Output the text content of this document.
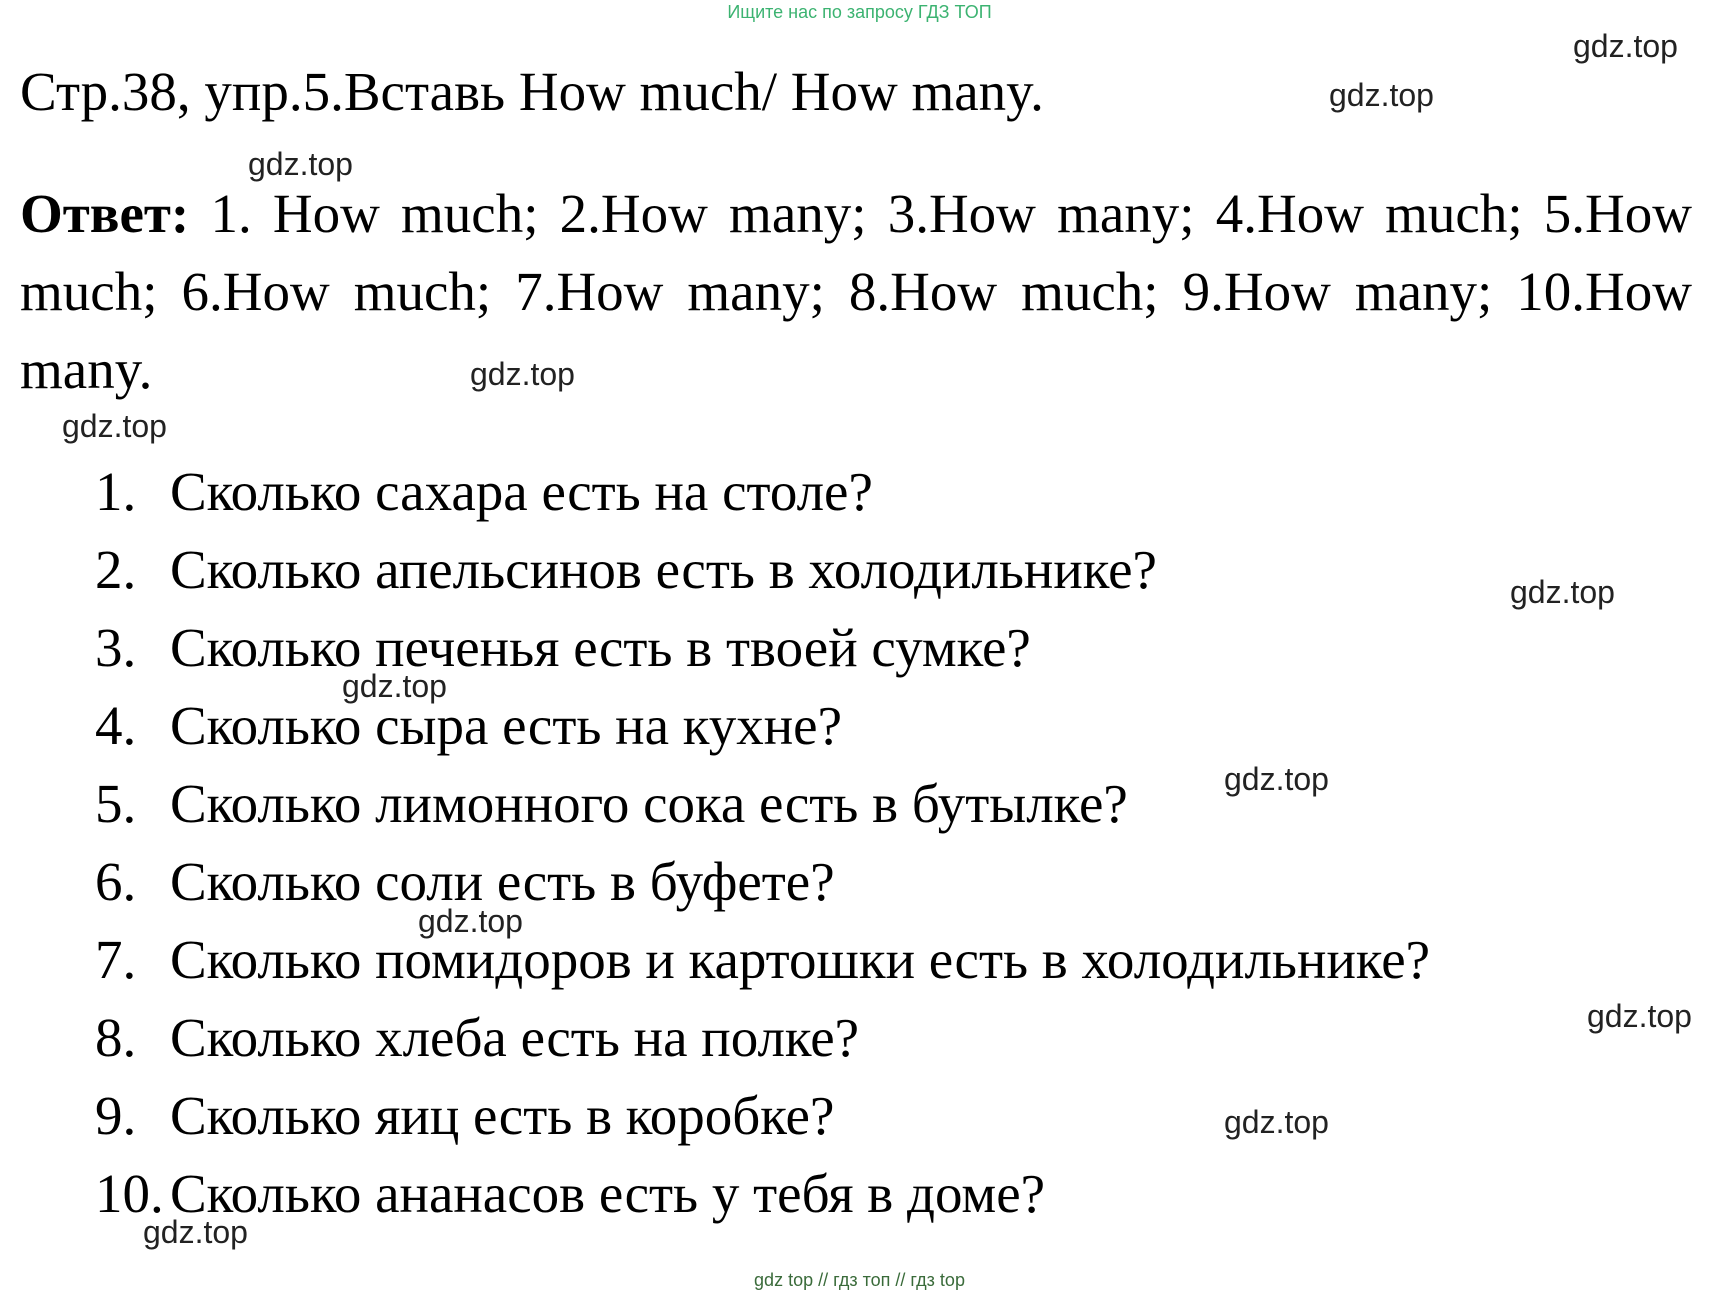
Ищите нас по запросу ГДЗ ТОП
Стр.38, упр.5.Вставь How much/ How many.
Ответ: 1. How much; 2.How many; 3.How many; 4.How much; 5.How much; 6.How much; 7.How many; 8.How much; 9.How many; 10.How many.
1. Сколько сахара есть на столе?
2. Сколько апельсинов есть в холодильнике?
3. Сколько печенья есть в твоей сумке?
4. Сколько сыра есть на кухне?
5. Сколько лимонного сока есть в бутылке?
6. Сколько соли есть в буфете?
7. Сколько помидоров и картошки есть в холодильнике?
8. Сколько хлеба есть на полке?
9. Сколько яиц есть в коробке?
10. Сколько ананасов есть у тебя в доме?
gdz.top
gdz.top
gdz.top
gdz.top
gdz.top
gdz.top
gdz.top
gdz.top
gdz.top
gdz.top
gdz.top
gdz.top
gdz top // гдз топ // гдз top
